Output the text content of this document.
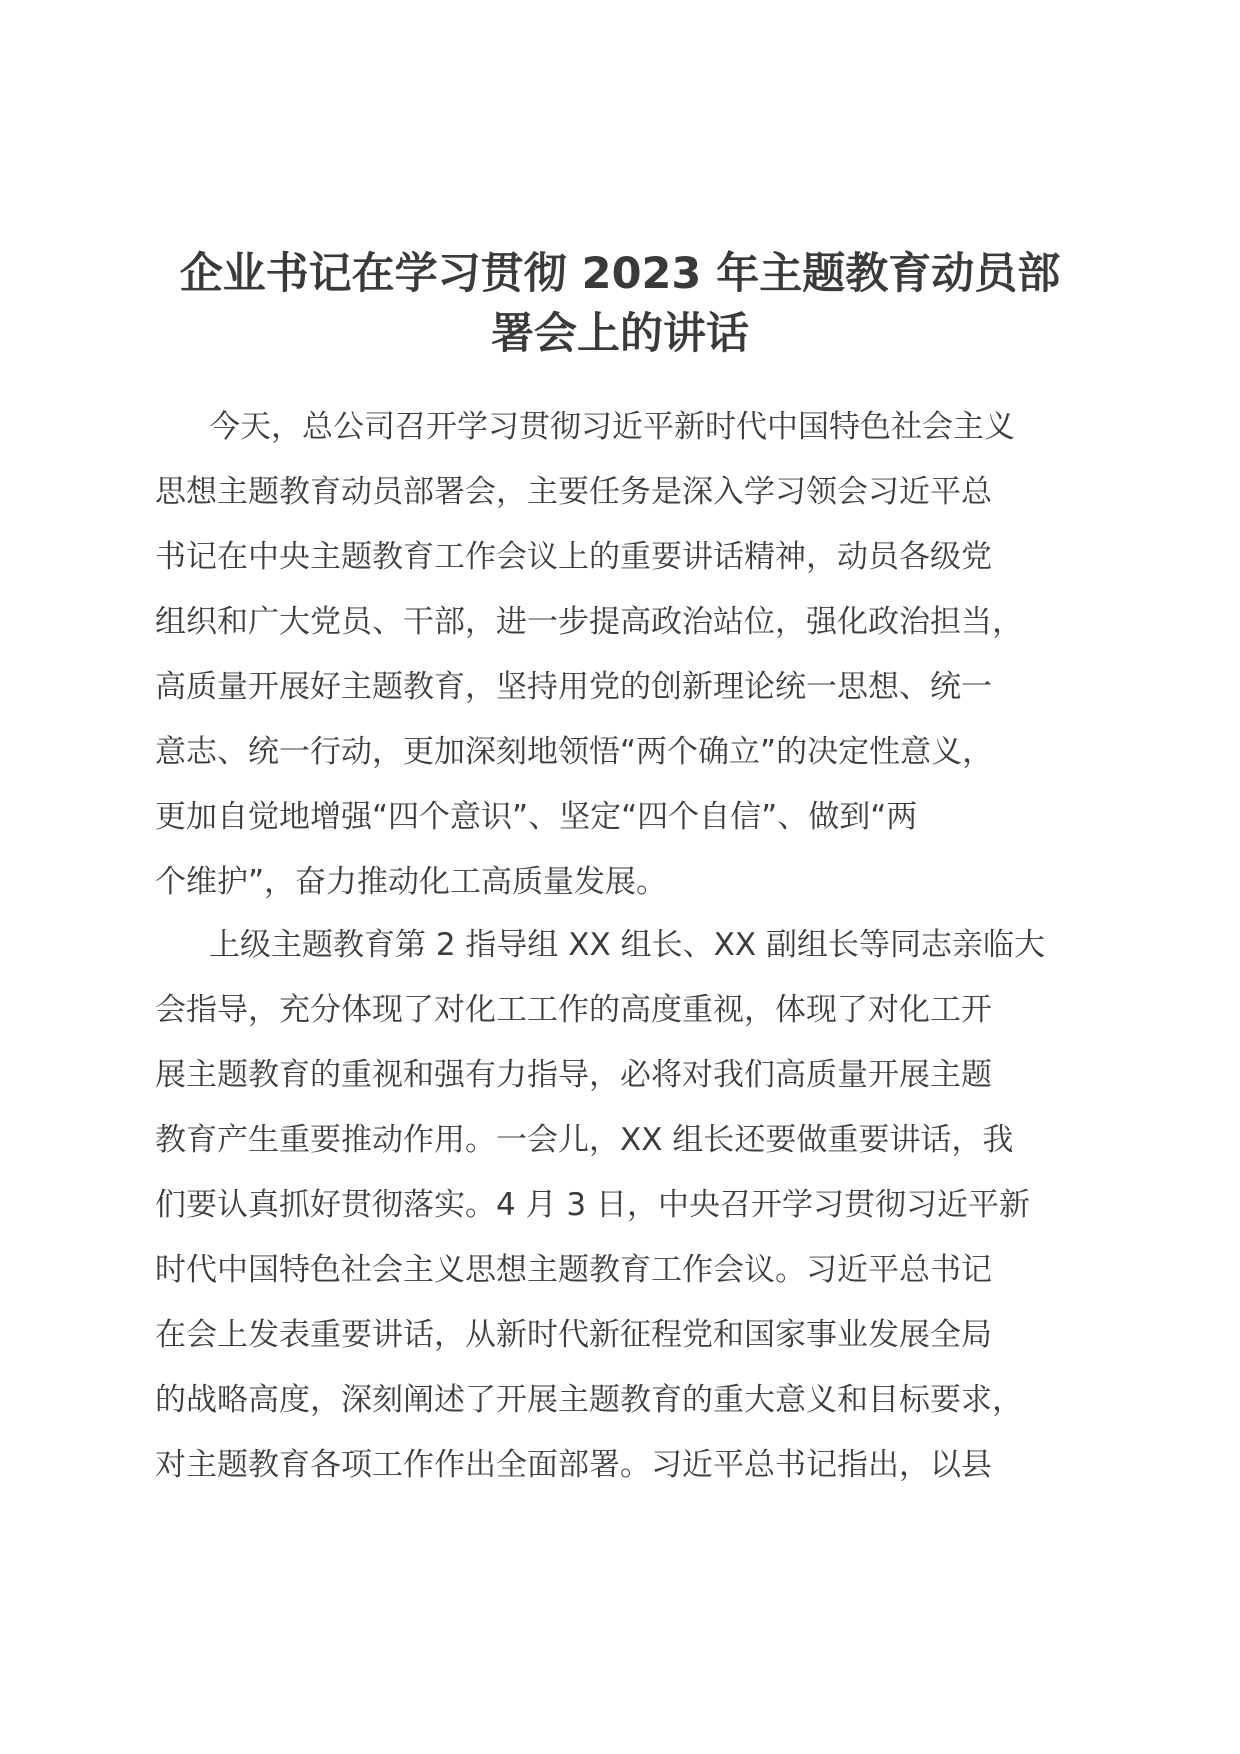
企业书记在学习贯彻 2023 年主题教育动员部
署会上的讲话
今天，总公司召开学习贯彻习近平新时代中国特色社会主义
思想主题教育动员部署会，主要任务是深入学习领会习近平总
书记在中央主题教育工作会议上的重要讲话精神，动员各级党
组织和广大党员、干部，进一步提高政治站位，强化政治担当，
高质量开展好主题教育，坚持用党的创新理论统一思想、统一
意志、统一行动，更加深刻地领悟“两个确立”的决定性意义，
更加自觉地增强“四个意识”、坚定“四个自信”、做到“两
个维护”，奋力推动化工高质量发展。
上级主题教育第 2 指导组 XX 组长、XX 副组长等同志亲临大
会指导，充分体现了对化工工作的高度重视，体现了对化工开
展主题教育的重视和强有力指导，必将对我们高质量开展主题
教育产生重要推动作用。一会儿，XX 组长还要做重要讲话，我
们要认真抓好贯彻落实。4 月 3 日，中央召开学习贯彻习近平新
时代中国特色社会主义思想主题教育工作会议。习近平总书记
在会上发表重要讲话，从新时代新征程党和国家事业发展全局
的战略高度，深刻阐述了开展主题教育的重大意义和目标要求，
对主题教育各项工作作出全面部署。习近平总书记指出，以县
